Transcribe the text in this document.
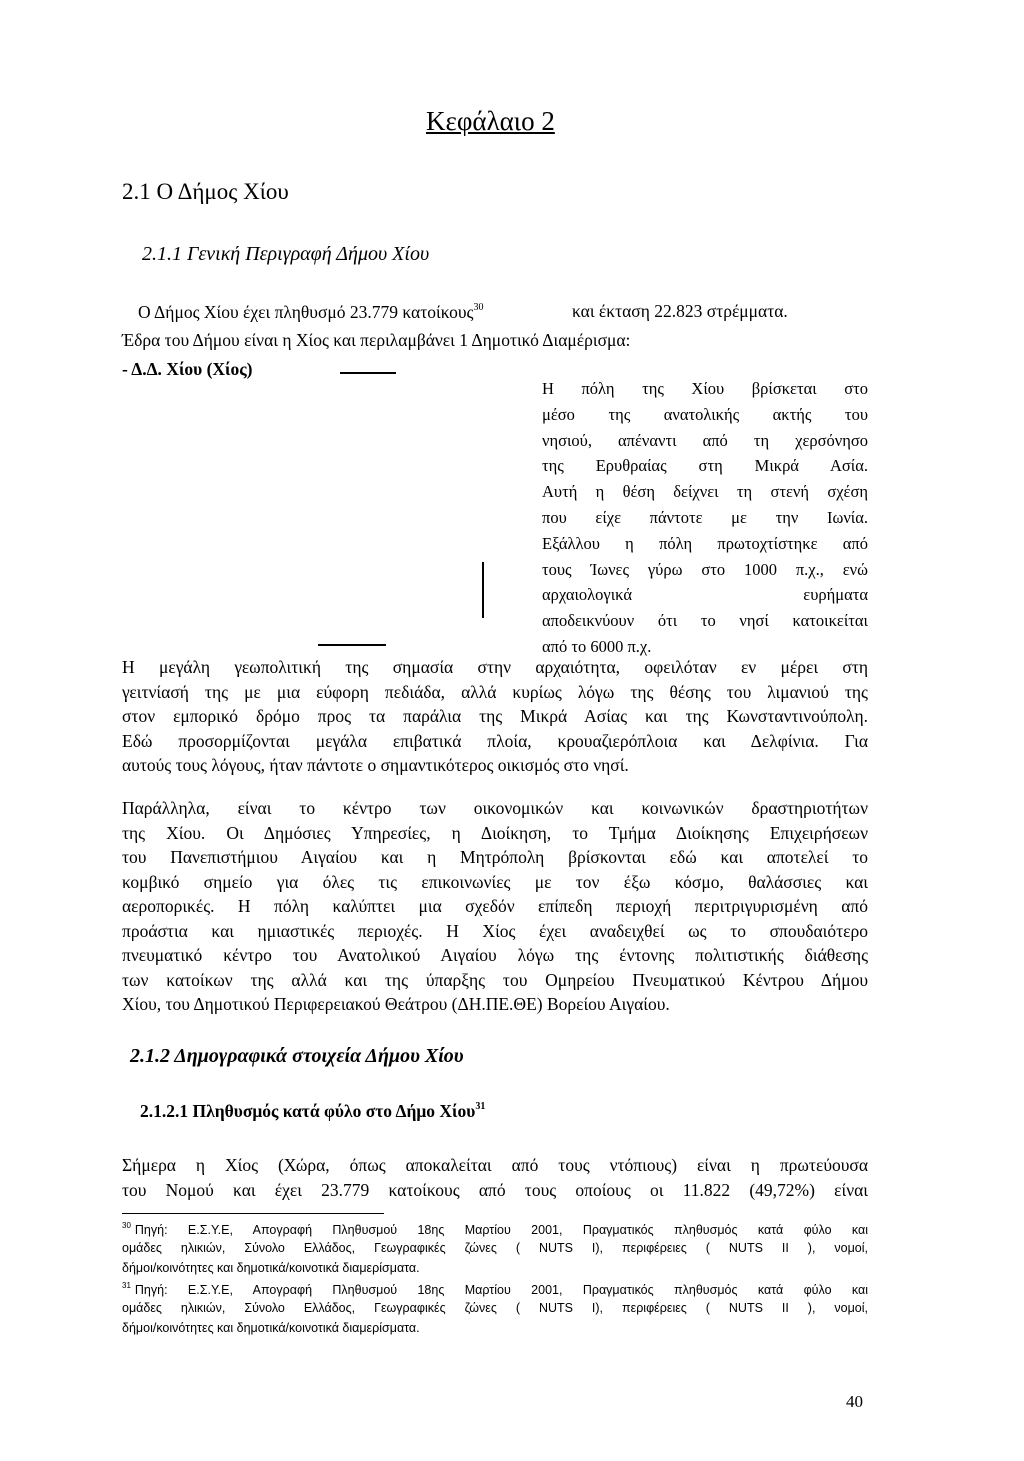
Κεφάλαιο 2
2.1 Ο Δήμος Χίου
2.1.1 Γενική Περιγραφή Δήμου Χίου
Ο Δήμος Χίου έχει πληθυσμό 23.779 κατοίκους$^{30}$	και έκταση 22.823 στρέμματα.
Έδρα του Δήμου είναι η Χίος και περιλαμβάνει 1 Δημοτικό Διαμέρισμα:
- Δ.Δ. Χίου (Χίος)
Η πόλη της Χίου βρίσκεται στο
μέσο της ανατολικής ακτής του
νησιού, απέναντι από τη χερσόνησο
της Ερυθραίας στη Μικρά Ασία.
Αυτή η θέση δείχνει τη στενή σχέση
που είχε πάντοτε με την Ιωνία.
Εξάλλου η πόλη πρωτοχτίστηκε από
τους Ίωνες γύρω στο 1000 π.χ., ενώ
αρχαιολογικά ευρήματα
αποδεικνύουν ότι το νησί κατοικείται
από το 6000 π.χ.
Η μεγάλη γεωπολιτική της σημασία στην αρχαιότητα, οφειλόταν εν μέρει στη
γειτνίασή της με μια εύφορη πεδιάδα, αλλά κυρίως λόγω της θέσης του λιμανιού της
στον εμπορικό δρόμο προς τα παράλια της Μικρά Ασίας και της Κωνσταντινούπολη.
Εδώ προσορμίζονται μεγάλα επιβατικά πλοία, κρουαζιερόπλοια και Δελφίνια. Για
αυτούς τους λόγους, ήταν πάντοτε ο σημαντικότερος οικισμός στο νησί.
Παράλληλα, είναι το κέντρο των οικονομικών και κοινωνικών δραστηριοτήτων
της Χίου. Οι Δημόσιες Υπηρεσίες, η Διοίκηση, το Τμήμα Διοίκησης Επιχειρήσεων
του Πανεπιστήμιου Αιγαίου και η Μητρόπολη βρίσκονται εδώ και αποτελεί το
κομβικό σημείο για όλες τις επικοινωνίες με τον έξω κόσμο, θαλάσσιες και
αεροπορικές. Η πόλη καλύπτει μια σχεδόν επίπεδη περιοχή περιτριγυρισμένη από
προάστια και ημιαστικές περιοχές. Η Χίος έχει αναδειχθεί ως το σπουδαιότερο
πνευματικό κέντρο του Ανατολικού Αιγαίου λόγω της έντονης πολιτιστικής διάθεσης
των κατοίκων της αλλά και της ύπαρξης του Ομηρείου Πνευματικού Κέντρου Δήμου
Χίου, του Δημοτικού Περιφερειακού Θεάτρου (ΔΗ.ΠΕ.ΘΕ) Βορείου Αιγαίου.
2.1.2 Δημογραφικά στοιχεία Δήμου Χίου
2.1.2.1 Πληθυσμός κατά φύλο στο Δήμο Χίου$^{31}$
Σήμερα η Χίος (Χώρα, όπως αποκαλείται από τους ντόπιους) είναι η πρωτεύουσα
του Νομού και έχει 23.779 κατοίκους από τους οποίους οι 11.822 (49,72%) είναι
$^{30}$ Πηγή: Ε.Σ.Υ.Ε, Απογραφή Πληθυσμού 18ης Μαρτίου 2001, Πραγματικός πληθυσμός κατά φύλο και
ομάδες ηλικιών, Σύνολο Ελλάδος, Γεωγραφικές ζώνες ( NUTS I), περιφέρειες ( NUTS II ), νομοί,
δήμοι/κοινότητες και δημοτικά/κοινοτικά διαμερίσματα.
$^{31}$ Πηγή: Ε.Σ.Υ.Ε, Απογραφή Πληθυσμού 18ης Μαρτίου 2001, Πραγματικός πληθυσμός κατά φύλο και
ομάδες ηλικιών, Σύνολο Ελλάδος, Γεωγραφικές ζώνες ( NUTS I), περιφέρειες ( NUTS II ), νομοί,
δήμοι/κοινότητες και δημοτικά/κοινοτικά διαμερίσματα.
40
